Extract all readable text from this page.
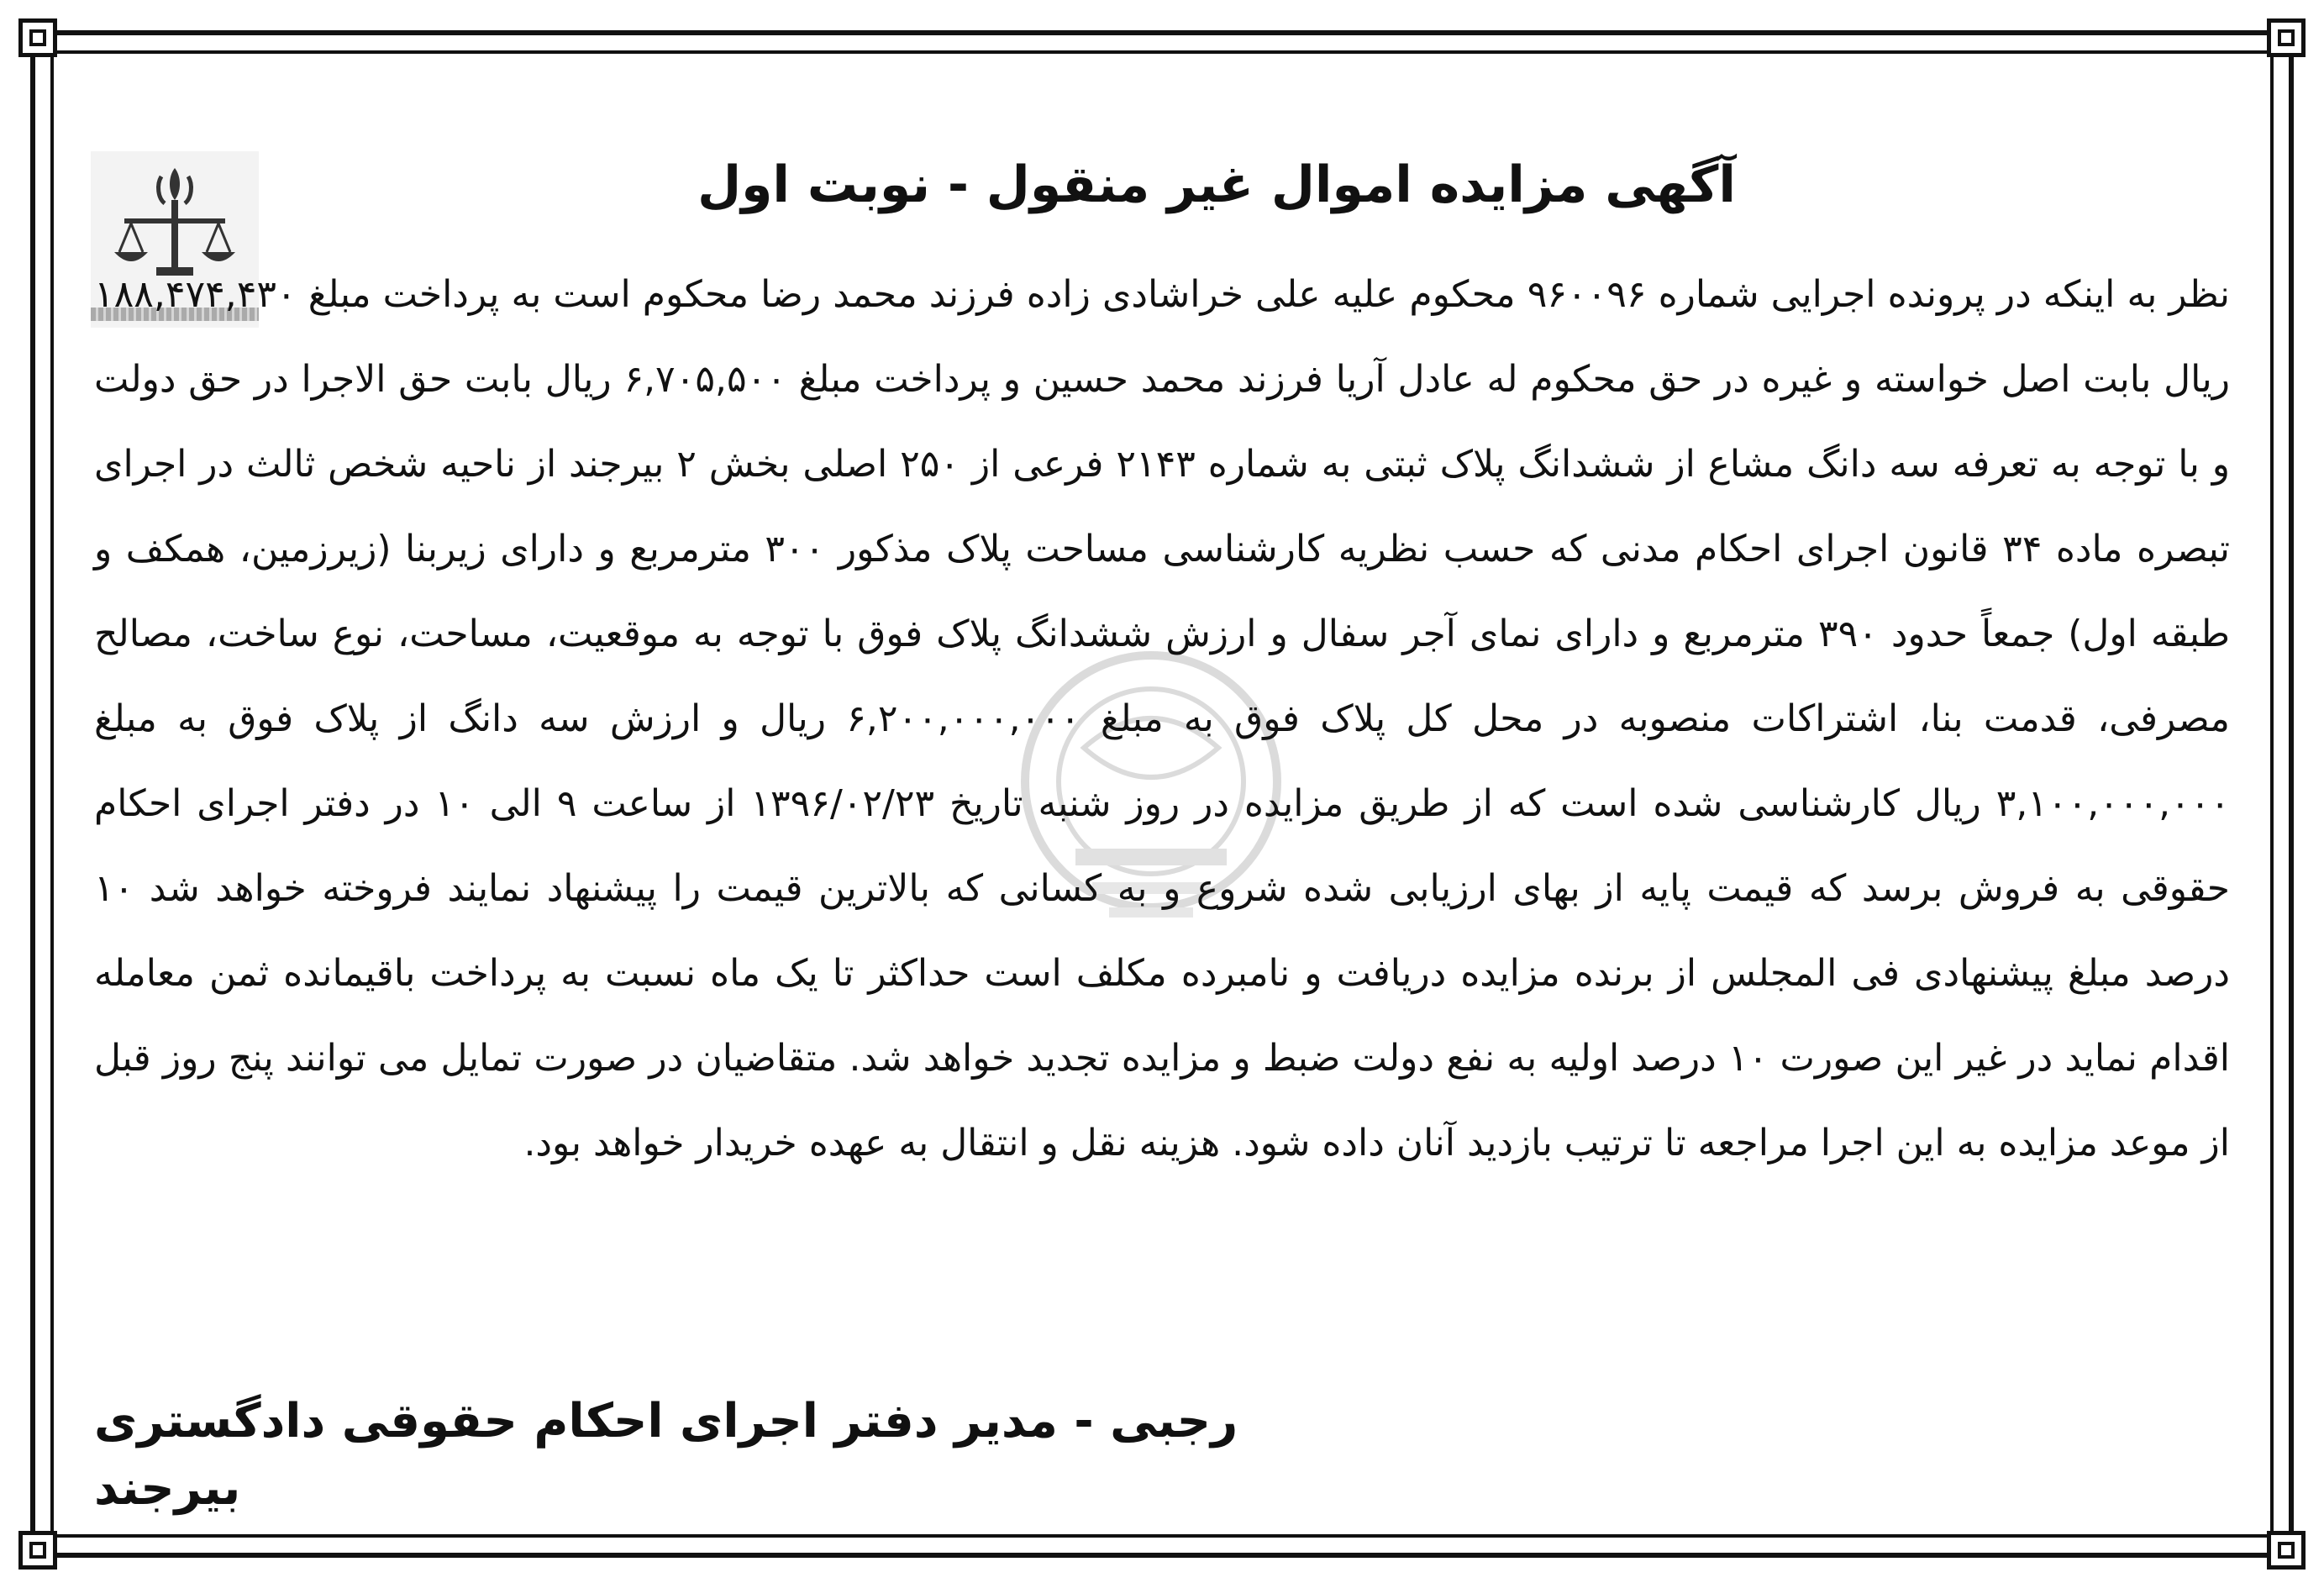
آگهی مزایده اموال غیر منقول - نوبت اول

نظر به اینکه در پرونده اجرایی شماره ۹۶۰۰۹۶ محکوم علیه علی خراشادی زاده فرزند محمد رضا محکوم است به پرداخت مبلغ ۱۸۸,۴۷۴,۴۳۰ ریال بابت اصل خواسته و غیره در حق محکوم له عادل آریا فرزند محمد حسین و پرداخت مبلغ ۶,۷۰۵,۵۰۰ ریال بابت حق الاجرا در حق دولت و با توجه به تعرفه سه دانگ مشاع از ششدانگ پلاک ثبتی به شماره ۲۱۴۳ فرعی از ۲۵۰ اصلی بخش ۲ بیرجند از ناحیه شخص ثالث در اجرای تبصره ماده ۳۴ قانون اجرای احکام مدنی که حسب نظریه کارشناسی مساحت پلاک مذکور ۳۰۰ مترمربع و دارای زیربنا (زیرزمین، همکف و طبقه اول) جمعاً حدود ۳۹۰ مترمربع و دارای نمای آجر سفال و ارزش ششدانگ پلاک فوق با توجه به موقعیت، مساحت، نوع ساخت، مصالح مصرفی، قدمت بنا، اشتراکات منصوبه در محل کل پلاک فوق به مبلغ ۶,۲۰۰,۰۰۰,۰۰۰ ریال و ارزش سه دانگ از پلاک فوق به مبلغ ۳,۱۰۰,۰۰۰,۰۰۰ ریال کارشناسی شده است که از طریق مزایده در روز شنبه تاریخ ۱۳۹۶/۰۲/۲۳ از ساعت ۹ الی ۱۰ در دفتر اجرای احکام حقوقی به فروش برسد که قیمت پایه از بهای ارزیابی شده شروع و به کسانی که بالاترین قیمت را پیشنهاد نمایند فروخته خواهد شد ۱۰ درصد مبلغ پیشنهادی فی المجلس از برنده مزایده دریافت و نامبرده مکلف است حداکثر تا یک ماه نسبت به پرداخت باقیمانده ثمن معامله اقدام نماید در غیر این صورت ۱۰ درصد اولیه به نفع دولت ضبط و مزایده تجدید خواهد شد. متقاضیان در صورت تمایل می توانند پنج روز قبل از موعد مزایده به این اجرا مراجعه تا ترتیب بازدید آنان داده شود. هزینه نقل و انتقال به عهده خریدار خواهد بود.

رجبی - مدیر دفتر اجرای احکام حقوقی دادگستری بیرجند
